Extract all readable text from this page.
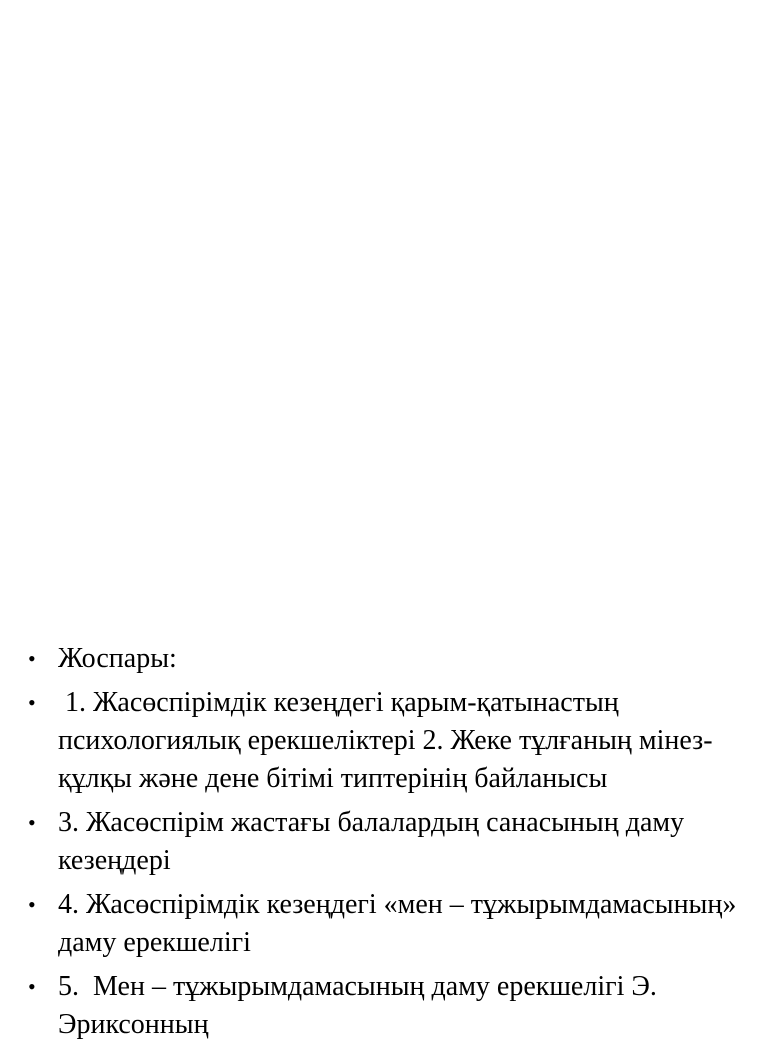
• Жоспары:
• 1. Жасөспірімдік кезеңдегі қарым-қатынастың психологиялық ерекшеліктері 2. Жеке тұлғаның мінез-құлқы және дене бітімі типтерінің байланысы
• 3. Жасөспірім жастағы балалардың санасының даму кезеңдері
• 4. Жасөспірімдік кезеңдегі «мен – тұжырымдамасының» даму ерекшелігі
• 5.  Мен – тұжырымдамасының даму ерекшелігі Э. Эриксонның
